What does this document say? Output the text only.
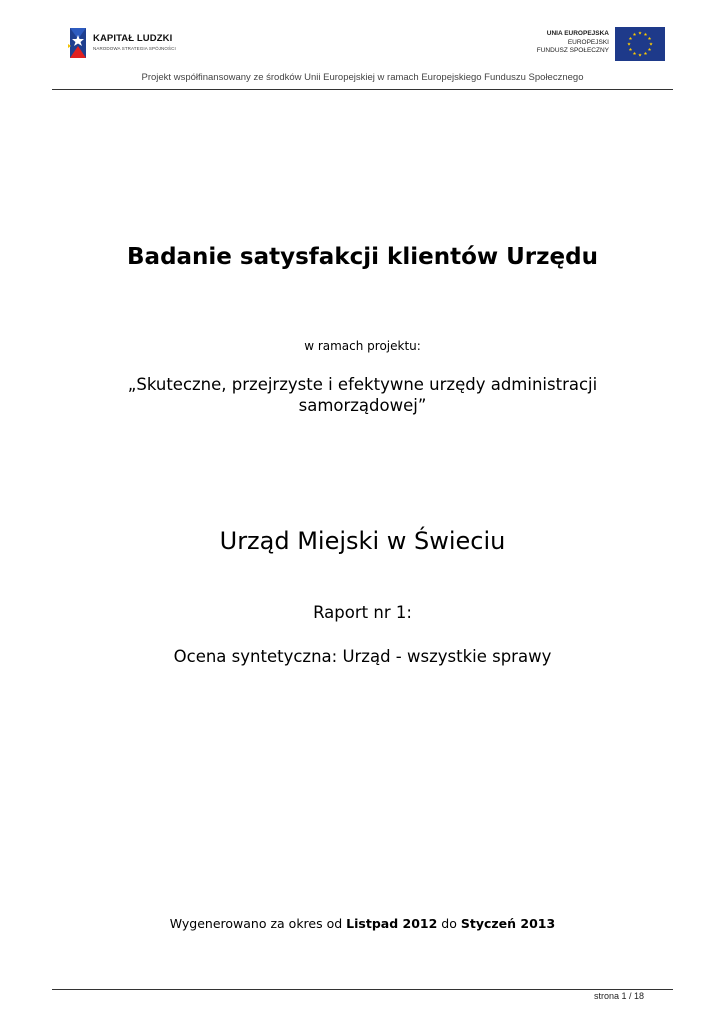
KAPITAŁ LUDZKI
NARODOWA STRATEGIA SPÓJNOŚCI
UNIA EUROPEJSKA
EUROPEJSKI
FUNDUSZ SPOŁECZNY
Projekt współfinansowany ze środków Unii Europejskiej w ramach Europejskiego Funduszu Społecznego
Badanie satysfakcji klientów Urzędu
w ramach projektu:
„Skuteczne, przejrzyste i efektywne urzędy administracji samorządowej”
Urząd Miejski w Świeciu
Raport nr 1:
Ocena syntetyczna: Urząd - wszystkie sprawy
Wygenerowano za okres od Listpad 2012 do Styczeń 2013
strona 1 / 18
